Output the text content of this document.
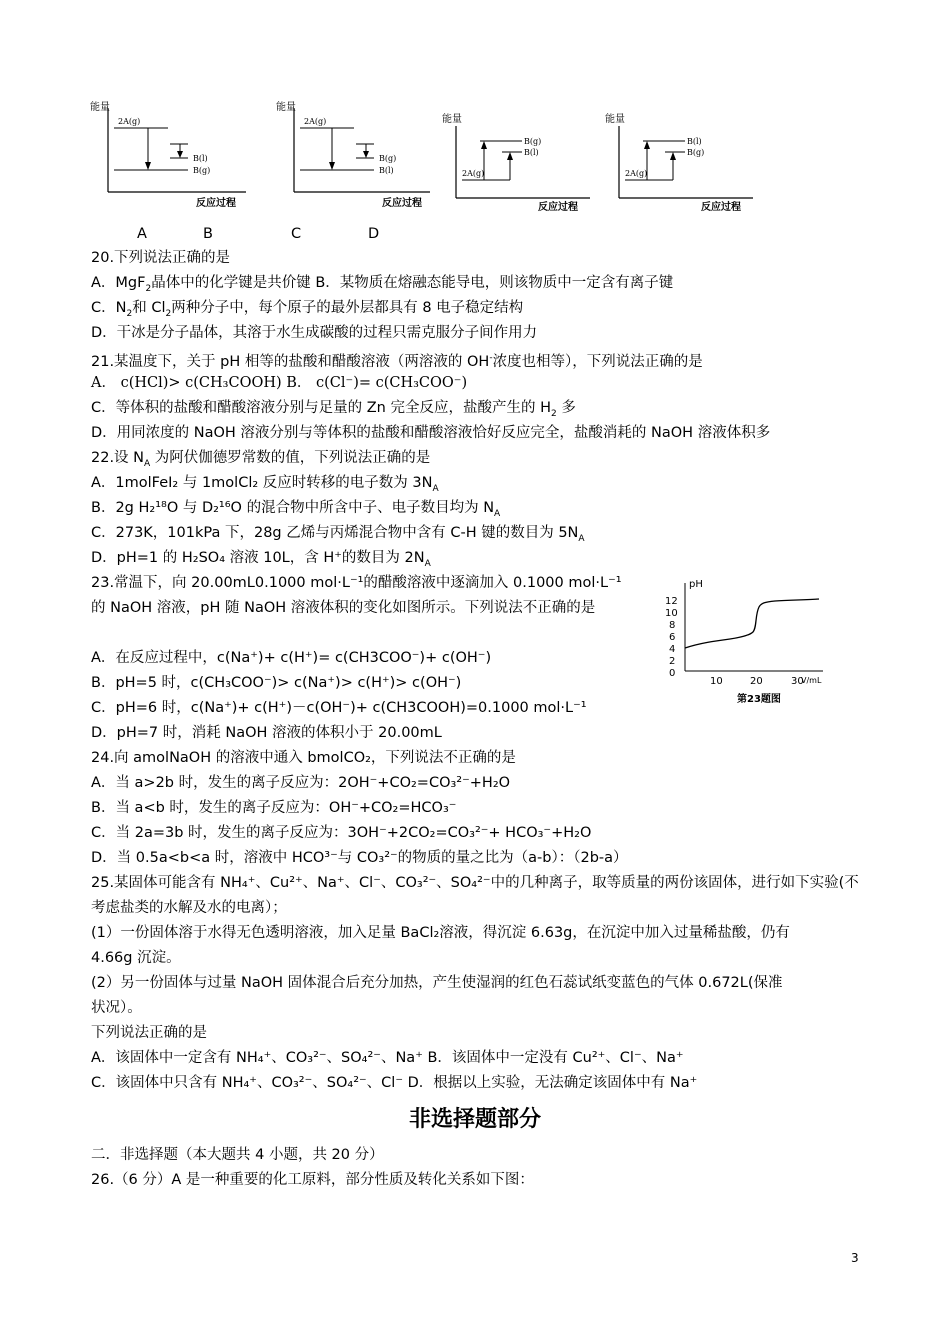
能量
反应过程
2A(g)
B(l)
B(g)
能量
反应过程
2A(g)
B(g)
B(l)
能量
反应过程
2A(g)
B(g)
B(l)
能量
反应过程
2A(g)
B(l)
B(g)
A	B	C	D
20.下列说法正确的是
A．MgF$_2$晶体中的化学键是共价键 B．某物质在熔融态能导电，则该物质中一定含有离子键
C．$N_2$和 $Cl_2$两种分子中，每个原子的最外层都具有 8 电子稳定结构
D．干冰是分子晶体，其溶于水生成碳酸的过程只需克服分子间作用力
21.某温度下，关于 pH 相等的盐酸和醋酸溶液（两溶液的 OH-浓度也相等），下列说法正确的是
A． c(HCl)> c(CH₃COOH) B． c(Cl⁻)= c(CH₃COO⁻)
C．等体积的盐酸和醋酸溶液分别与足量的 Zn 完全反应，盐酸产生的 $H_2$ 多
D．用同浓度的 NaOH 溶液分别与等体积的盐酸和醋酸溶液恰好反应完全，盐酸消耗的 NaOH 溶液体积多
22.设 $N_A$ 为阿伏伽德罗常数的值，下列说法正确的是
A．1molFeI₂ 与 1molCl₂ 反应时转移的电子数为 $3N_A$
B．2g H₂¹⁸O 与 D₂¹⁶O 的混合物中所含中子、电子数目均为 $N_A$
C．273K，101kPa 下，28g 乙烯与丙烯混合物中含有 C-H 键的数目为 $5N_A$
D．pH=1 的 H₂SO₄ 溶液 10L，含 H⁺的数目为 $2N_A$
23.常温下，向 20.00mL0.1000 mol·L⁻¹的醋酸溶液中逐滴加入 0.1000 mol·L⁻¹
的 NaOH 溶液，pH 随 NaOH 溶液体积的变化如图所示。下列说法不正确的是
A．在反应过程中，c(Na⁺)+ c(H⁺)= c(CH3COO⁻)+ c(OH⁻)
B．pH=5 时，c(CH₃COO⁻)> c(Na⁺)> c(H⁺)> c(OH⁻)
C．pH=6 时，c(Na⁺)+ c(H⁺)－c(OH⁻)+ c(CH3COOH)=0.1000 mol·L⁻¹
D．pH=7 时，消耗 NaOH 溶液的体积小于 20.00mL
pH
12
10
8
6
4
2
0
10	20	30
V/mL
第23题图
24.向 amolNaOH 的溶液中通入 bmolCO₂，下列说法不正确的是
A．当 a>2b 时，发生的离子反应为：2OH⁻+CO₂=CO₃²⁻+H₂O
B．当 a<b 时，发生的离子反应为：OH⁻+CO₂=HCO₃⁻
C．当 2a=3b 时，发生的离子反应为：3OH⁻+2CO₂=CO₃²⁻+ HCO₃⁻+H₂O
D．当 0.5a<b<a 时，溶液中 HCO³⁻与 CO₃²⁻的物质的量之比为（a-b）：（2b-a）
25.某固体可能含有 NH₄⁺、Cu²⁺、Na⁺、Cl⁻、CO₃²⁻、SO₄²⁻中的几种离子，取等质量的两份该固体，进行如下实验(不
考虑盐类的水解及水的电离）；
(1）一份固体溶于水得无色透明溶液，加入足量 BaCl₂溶液，得沉淀 6.63g，在沉淀中加入过量稀盐酸，仍有
4.66g 沉淀。
(2）另一份固体与过量 NaOH 固体混合后充分加热，产生使湿润的红色石蕊试纸变蓝色的气体 0.672L(保准
状况）。
下列说法正确的是
A．该固体中一定含有 NH₄⁺、CO₃²⁻、SO₄²⁻、Na⁺ B．该固体中一定没有 Cu²⁺、Cl⁻、Na⁺
C．该固体中只含有 NH₄⁺、CO₃²⁻、SO₄²⁻、Cl⁻ D．根据以上实验，无法确定该固体中有 Na⁺
非选择题部分
二．非选择题（本大题共 4 小题，共 20 分）
26.（6 分）A 是一种重要的化工原料，部分性质及转化关系如下图：
3
